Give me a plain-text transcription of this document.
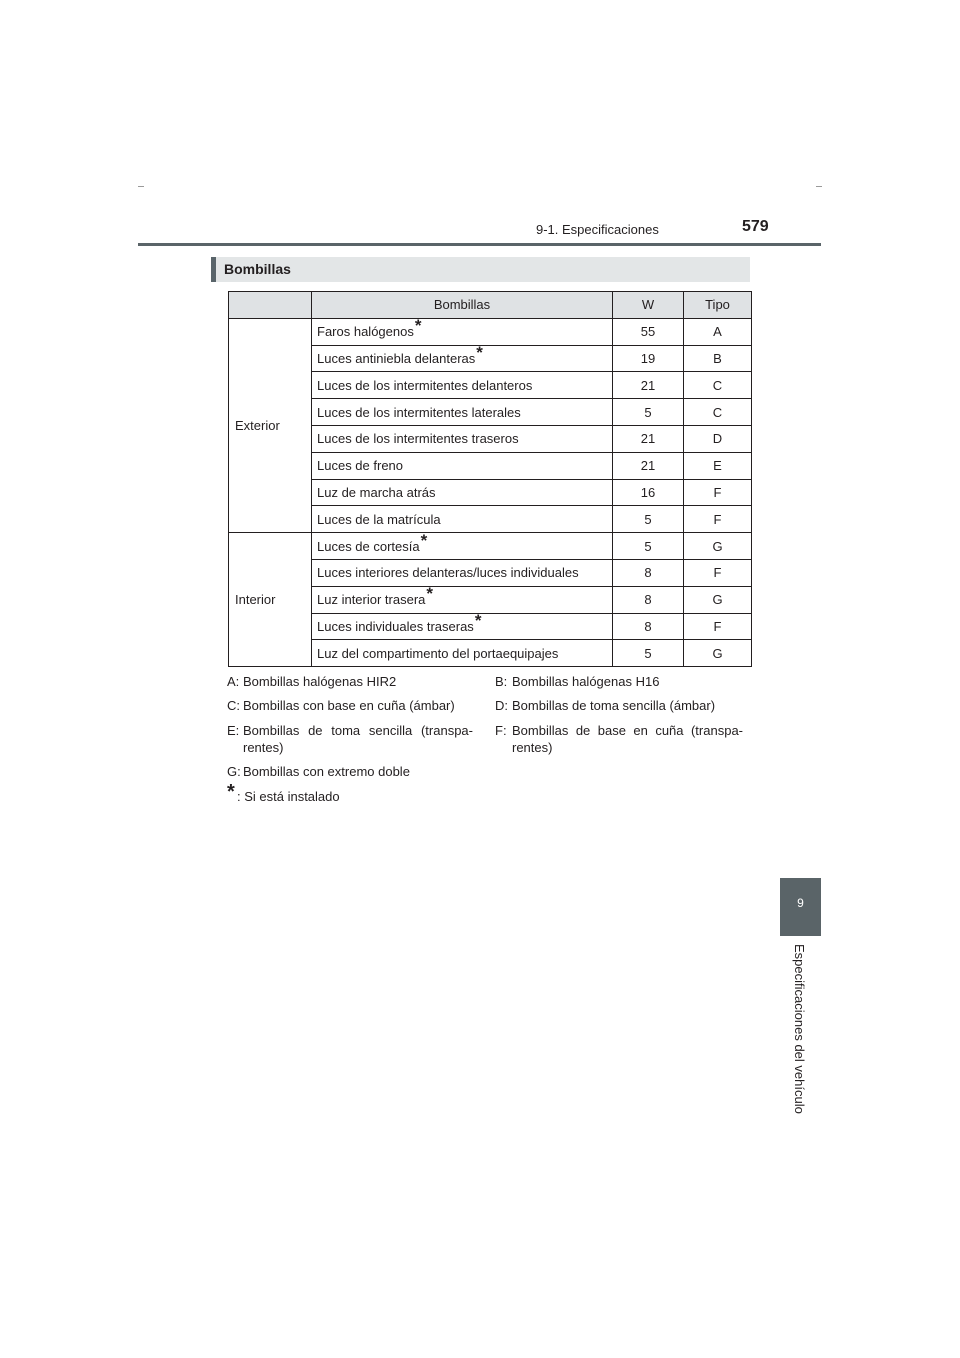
9-1. Especificaciones	579
Bombillas
	Bombillas	W	Tipo
Exterior	Faros halógenos*	55	A
	Luces antiniebla delanteras*	19	B
	Luces de los intermitentes delanteros	21	C
	Luces de los intermitentes laterales	5	C
	Luces de los intermitentes traseros	21	D
	Luces de freno	21	E
	Luz de marcha atrás	16	F
	Luces de la matrícula	5	F
Interior	Luces de cortesía*	5	G
	Luces interiores delanteras/luces individuales	8	F
	Luz interior trasera*	8	G
	Luces individuales traseras*	8	F
	Luz del compartimento del portaequipajes	5	G
A: Bombillas halógenas HIR2	B: Bombillas halógenas H16
C: Bombillas con base en cuña (ámbar)	D: Bombillas de toma sencilla (ámbar)
E: Bombillas de toma sencilla (transpa-
rentes)
F: Bombillas de base en cuña (transpa-
rentes)
G: Bombillas con extremo doble
* : Si está instalado
9
Especificaciones del vehículo
